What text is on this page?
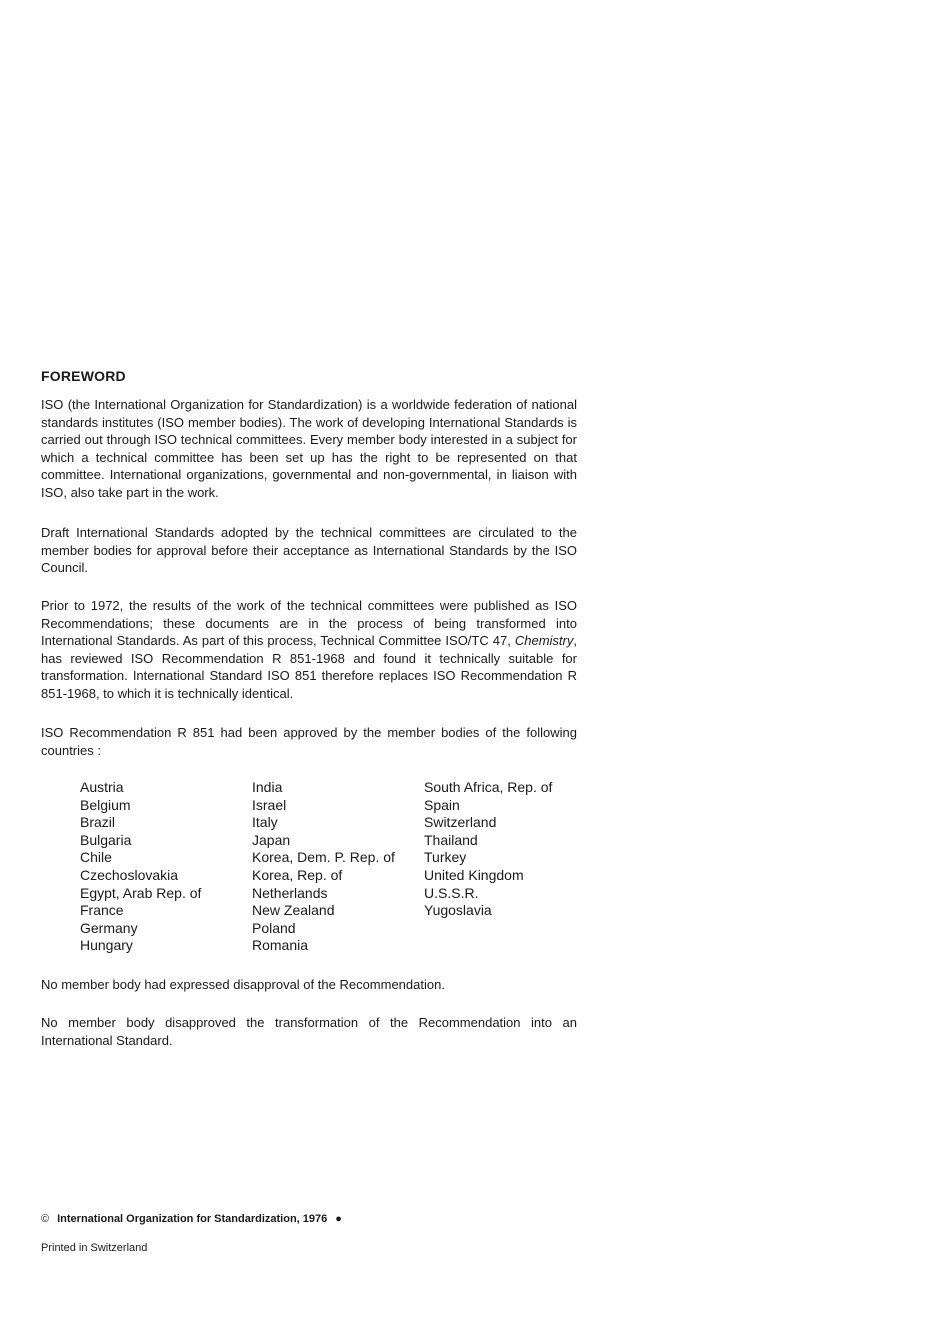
FOREWORD

ISO (the International Organization for Standardization) is a worldwide federation of national standards institutes (ISO member bodies). The work of developing International Standards is carried out through ISO technical committees. Every member body interested in a subject for which a technical committee has been set up has the right to be represented on that committee. International organizations, governmental and non-governmental, in liaison with ISO, also take part in the work.

Draft International Standards adopted by the technical committees are circulated to the member bodies for approval before their acceptance as International Standards by the ISO Council.

Prior to 1972, the results of the work of the technical committees were published as ISO Recommendations; these documents are in the process of being transformed into International Standards. As part of this process, Technical Committee ISO/TC 47, Chemistry, has reviewed ISO Recommendation R 851-1968 and found it technically suitable for transformation. International Standard ISO 851 therefore replaces ISO Recommendation R 851-1968, to which it is technically identical.

ISO Recommendation R 851 had been approved by the member bodies of the following countries :

Austria
Belgium
Brazil
Bulgaria
Chile
Czechoslovakia
Egypt, Arab Rep. of
France
Germany
Hungary
India
Israel
Italy
Japan
Korea, Dem. P. Rep. of
Korea, Rep. of
Netherlands
New Zealand
Poland
Romania
South Africa, Rep. of
Spain
Switzerland
Thailand
Turkey
United Kingdom
U.S.S.R.
Yugoslavia

No member body had expressed disapproval of the Recommendation.

No member body disapproved the transformation of the Recommendation into an International Standard.

© International Organization for Standardization, 1976 ●
Printed in Switzerland
